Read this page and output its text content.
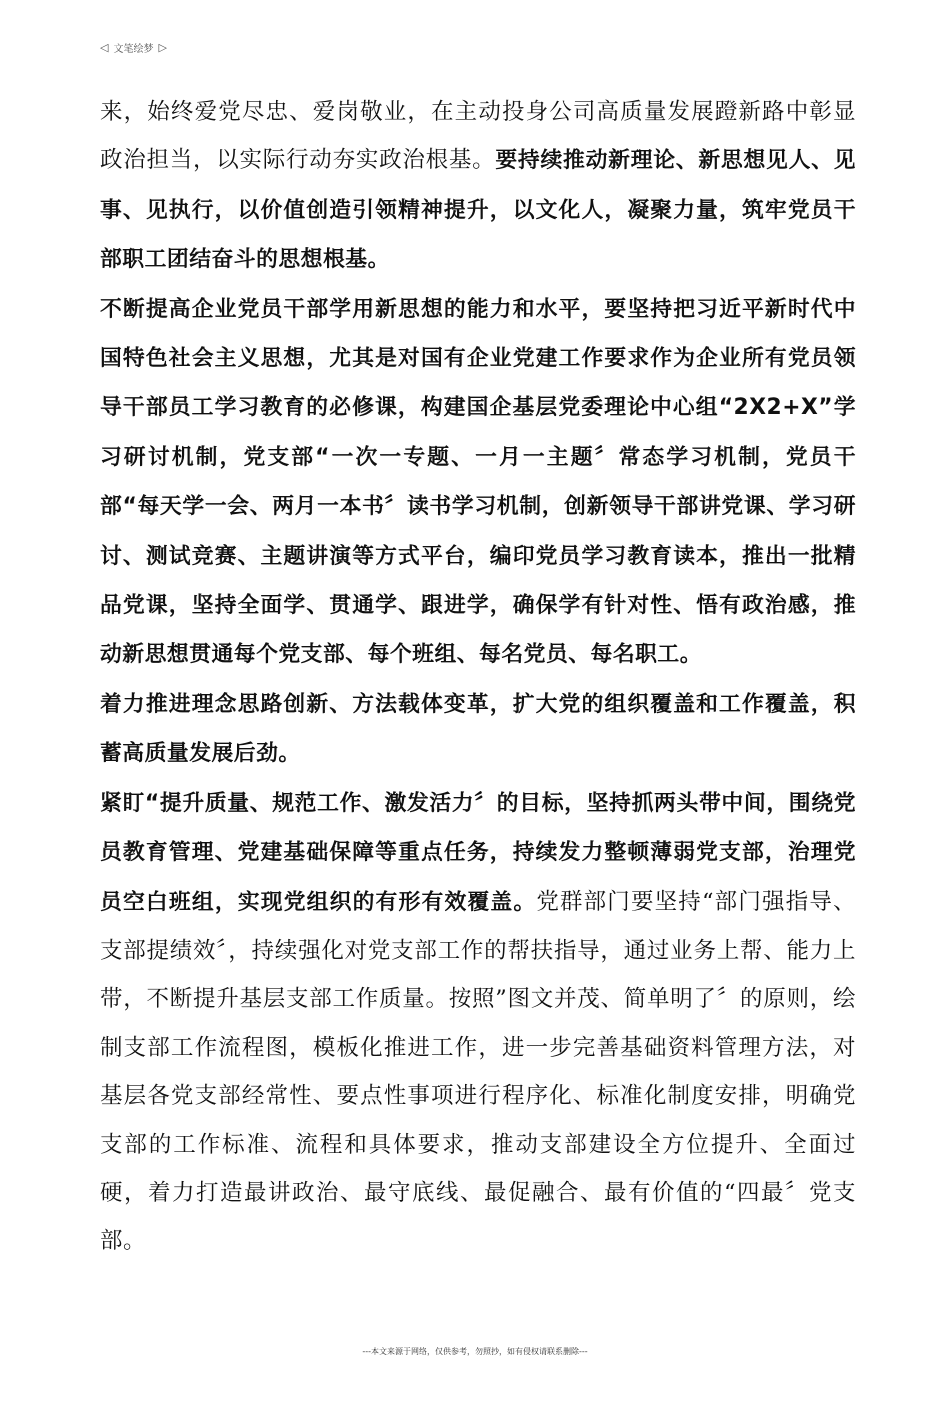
◁ 文笔绘梦 ▷

来，始终爱党尽忠、爱岗敬业，在主动投身公司高质量发展蹬新路中彰显政治担当，以实际行动夯实政治根基。要持续推动新理论、新思想见人、见事、见执行，以价值创造引领精神提升，以文化人，凝聚力量，筑牢党员干部职工团结奋斗的思想根基。

不断提高企业党员干部学用新思想的能力和水平，要坚持把习近平新时代中国特色社会主义思想，尤其是对国有企业党建工作要求作为企业所有党员领导干部员工学习教育的必修课，构建国企基层党委理论中心组“2X2+X”学习研讨机制，党支部“一次一专题、一月一主题〞常态学习机制，党员干部“每天学一会、两月一本书〞读书学习机制，创新领导干部讲党课、学习研讨、测试竞赛、主题讲演等方式平台，编印党员学习教育读本，推出一批精品党课，坚持全面学、贯通学、跟进学，确保学有针对性、悟有政治感，推动新思想贯通每个党支部、每个班组、每名党员、每名职工。

着力推进理念思路创新、方法载体变革，扩大党的组织覆盖和工作覆盖，积蓄高质量发展后劲。

紧盯“提升质量、规范工作、激发活力〞的目标，坚持抓两头带中间，围绕党员教育管理、党建基础保障等重点任务，持续发力整顿薄弱党支部，治理党员空白班组，实现党组织的有形有效覆盖。党群部门要坚持“部门强指导、支部提绩效〞，持续强化对党支部工作的帮扶指导，通过业务上帮、能力上带，不断提升基层支部工作质量。按照”图文并茂、简单明了〞的原则，绘制支部工作流程图，模板化推进工作，进一步完善基础资料管理方法，对基层各党支部经常性、要点性事项进行程序化、标准化制度安排，明确党支部的工作标准、流程和具体要求，推动支部建设全方位提升、全面过硬，着力打造最讲政治、最守底线、最促融合、最有价值的“四最〞党支部。

---本文来源于网络，仅供参考，勿照抄，如有侵权请联系删除---
